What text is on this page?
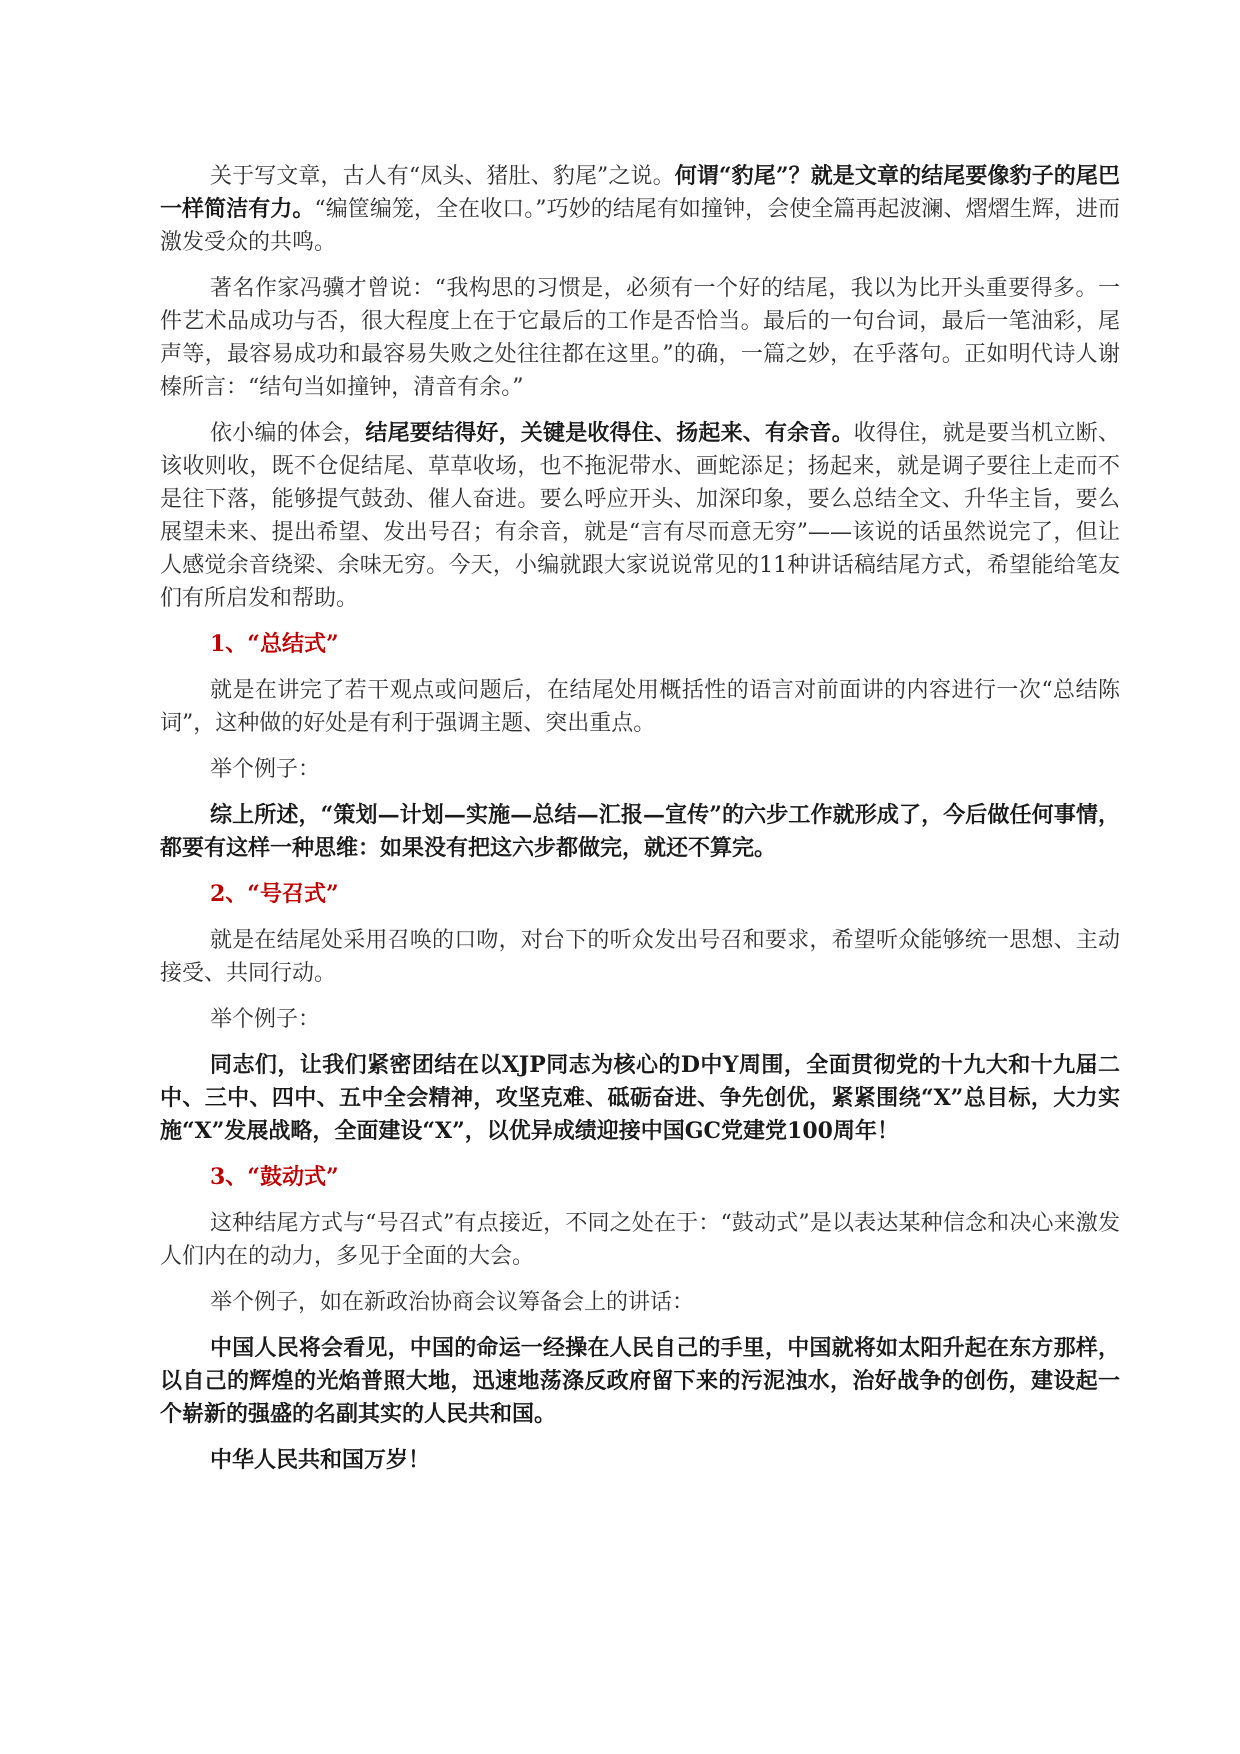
关于写文章，古人有“凤头、猪肚、豹尾”之说。何谓“豹尾”？就是文章的结尾要像豹子的尾巴一样简洁有力。“编筐编笼，全在收口。”巧妙的结尾有如撞钟，会使全篇再起波澜、熠熠生辉，进而激发受众的共鸣。

著名作家冯骥才曾说：“我构思的习惯是，必须有一个好的结尾，我以为比开头重要得多。一件艺术品成功与否，很大程度上在于它最后的工作是否恰当。最后的一句台词，最后一笔油彩，尾声等，最容易成功和最容易失败之处往往都在这里。”的确，一篇之妙，在乎落句。正如明代诗人谢榛所言：“结句当如撞钟，清音有余。”

依小编的体会，结尾要结得好，关键是收得住、扬起来、有余音。收得住，就是要当机立断、该收则收，既不仓促结尾、草草收场，也不拖泥带水、画蛇添足；扬起来，就是调子要往上走而不是往下落，能够提气鼓劲、催人奋进。要么呼应开头、加深印象，要么总结全文、升华主旨，要么展望未来、提出希望、发出号召；有余音，就是“言有尽而意无穷”——该说的话虽然说完了，但让人感觉余音绕梁、余味无穷。今天，小编就跟大家说说常见的11种讲话稿结尾方式，希望能给笔友们有所启发和帮助。

1、“总结式”

就是在讲完了若干观点或问题后，在结尾处用概括性的语言对前面讲的内容进行一次“总结陈词”，这种做的好处是有利于强调主题、突出重点。

举个例子：

综上所述，“策划—计划—实施—总结—汇报—宣传”的六步工作就形成了，今后做任何事情，都要有这样一种思维：如果没有把这六步都做完，就还不算完。

2、“号召式”

就是在结尾处采用召唤的口吻，对台下的听众发出号召和要求，希望听众能够统一思想、主动接受、共同行动。

举个例子：

同志们，让我们紧密团结在以XJP同志为核心的D中Y周围，全面贯彻党的十九大和十九届二中、三中、四中、五中全会精神，攻坚克难、砥砺奋进、争先创优，紧紧围绕“X”总目标，大力实施“X”发展战略，全面建设“X”，以优异成绩迎接中国GC党建党100周年！

3、“鼓动式”

这种结尾方式与“号召式”有点接近，不同之处在于：“鼓动式”是以表达某种信念和决心来激发人们内在的动力，多见于全面的大会。

举个例子，如在新政治协商会议筹备会上的讲话：

中国人民将会看见，中国的命运一经操在人民自己的手里，中国就将如太阳升起在东方那样，以自己的辉煌的光焰普照大地，迅速地荡涤反政府留下来的污泥浊水，治好战争的创伤，建设起一个崭新的强盛的名副其实的人民共和国。

中华人民共和国万岁！
